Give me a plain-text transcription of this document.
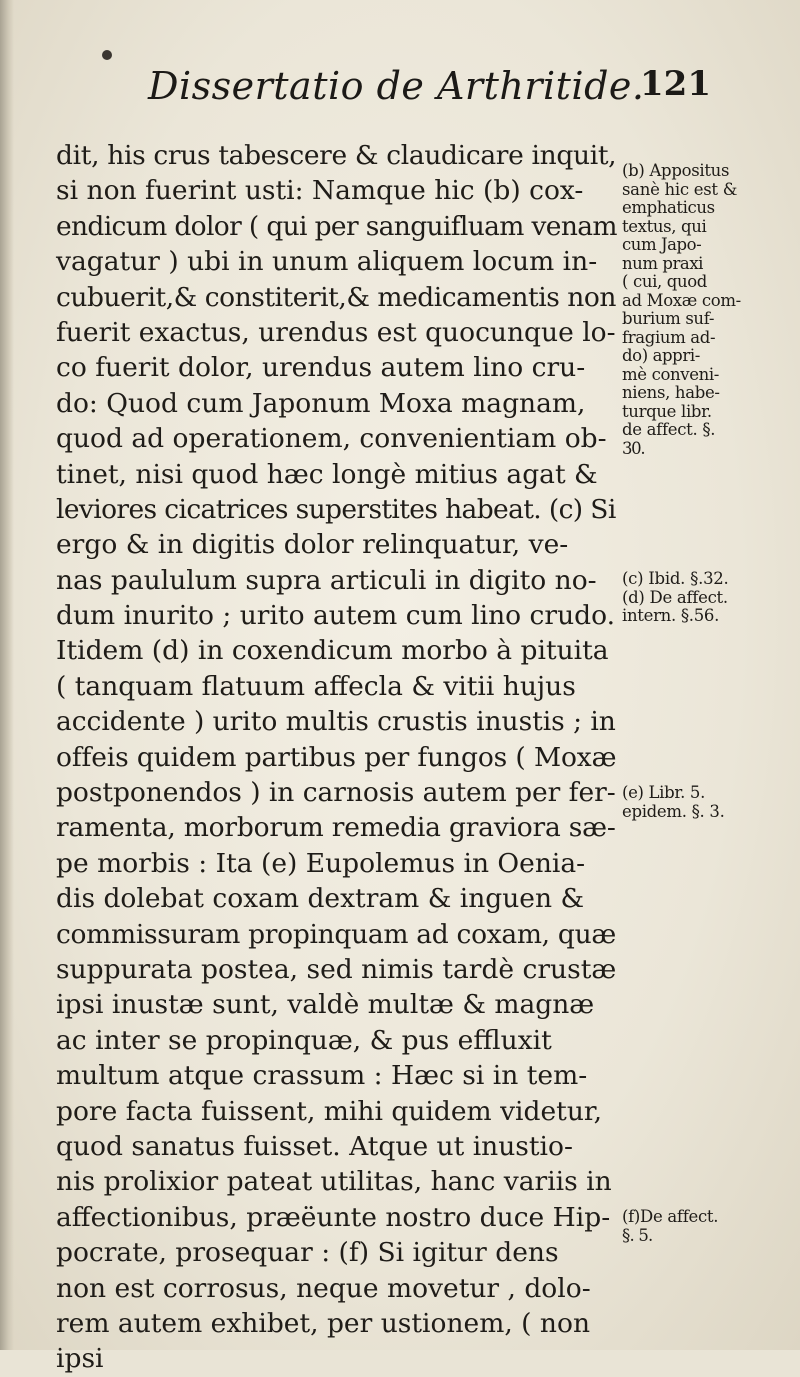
Dissertatio de Arthritide.
121
dit, his crus tabescere & claudicare inquit,
si non fuerint usti: Namque hic (b) cox-
endicum dolor ( qui per sanguifluam venam
vagatur ) ubi in unum aliquem locum in-
cubuerit,& constiterit,& medicamentis non
fuerit exactus, urendus est quocunque lo-
co fuerit dolor, urendus autem lino cru-
do: Quod cum Japonum Moxa magnam,
quod ad operationem, convenientiam ob-
tinet, nisi quod hæc longè mitius agat &
leviores cicatrices superstites habeat. (c) Si
ergo & in digitis dolor relinquatur, ve-
nas paululum supra articuli in digito no-
dum inurito ; urito autem cum lino crudo.
Itidem (d) in coxendicum morbo à pituita
( tanquam flatuum affecla & vitii hujus
accidente ) urito multis crustis inustis ; in
offeis quidem partibus per fungos ( Moxæ
postponendos ) in carnosis autem per fer-
ramenta, morborum remedia graviora sæ-
pe morbis : Ita (e) Eupolemus in Oenia-
dis dolebat coxam dextram & inguen &
commissuram propinquam ad coxam, quæ
suppurata postea, sed nimis tardè crustæ
ipsi inustæ sunt, valdè multæ & magnæ
ac inter se propinquæ, & pus effluxit
multum atque crassum : Hæc si in tem-
pore facta fuissent, mihi quidem videtur,
quod sanatus fuisset. Atque ut inustio-
nis prolixior pateat utilitas, hanc variis in
affectionibus, præëunte nostro duce Hip-
pocrate, prosequar : (f) Si igitur dens
non est corrosus, neque movetur , dolo-
rem autem exhibet, per ustionem, ( non
ipsi
(b) Appositus
sanè hic est &
emphaticus
textus, qui
cum Japo-
num praxi
( cui, quod
ad Moxæ com-
burium suf-
fragium ad-
do) appri-
mè conveni-
niens, habe-
turque libr.
de affect. §.
30.
(c) Ibid. §.32.
(d) De affect.
intern. §.56.
(e) Libr. 5.
epidem. §. 3.
(f)De affect.
§. 5.
